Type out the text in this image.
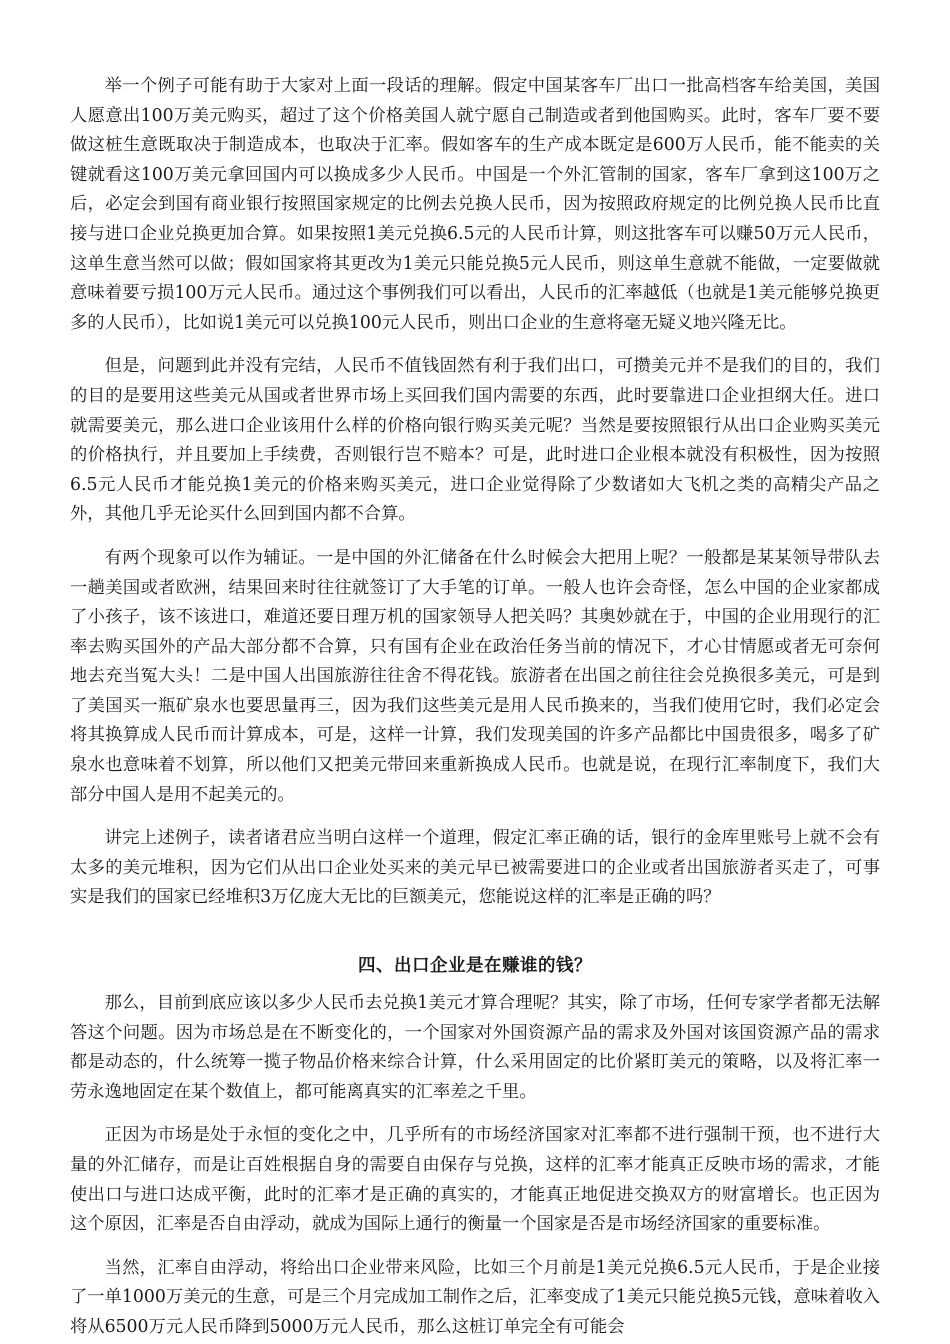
举一个例子可能有助于大家对上面一段话的理解。假定中国某客车厂出口一批高档客车给美国，美国人愿意出100万美元购买，超过了这个价格美国人就宁愿自己制造或者到他国购买。此时，客车厂要不要做这桩生意既取决于制造成本，也取决于汇率。假如客车的生产成本既定是600万人民币，能不能卖的关键就看这100万美元拿回国内可以换成多少人民币。中国是一个外汇管制的国家，客车厂拿到这100万之后，必定会到国有商业银行按照国家规定的比例去兑换人民币，因为按照政府规定的比例兑换人民币比直接与进口企业兑换更加合算。如果按照1美元兑换6.5元的人民币计算，则这批客车可以赚50万元人民币，这单生意当然可以做；假如国家将其更改为1美元只能兑换5元人民币，则这单生意就不能做，一定要做就意味着要亏损100万元人民币。通过这个事例我们可以看出，人民币的汇率越低（也就是1美元能够兑换更多的人民币），比如说1美元可以兑换100元人民币，则出口企业的生意将毫无疑义地兴隆无比。

但是，问题到此并没有完结，人民币不值钱固然有利于我们出口，可攒美元并不是我们的目的，我们的目的是要用这些美元从国或者世界市场上买回我们国内需要的东西，此时要靠进口企业担纲大任。进口就需要美元，那么进口企业该用什么样的价格向银行购买美元呢？当然是要按照银行从出口企业购买美元的价格执行，并且要加上手续费，否则银行岂不赔本？可是，此时进口企业根本就没有积极性，因为按照6.5元人民币才能兑换1美元的价格来购买美元，进口企业觉得除了少数诸如大飞机之类的高精尖产品之外，其他几乎无论买什么回到国内都不合算。

有两个现象可以作为辅证。一是中国的外汇储备在什么时候会大把用上呢？一般都是某某领导带队去一趟美国或者欧洲，结果回来时往往就签订了大手笔的订单。一般人也许会奇怪，怎么中国的企业家都成了小孩子，该不该进口，难道还要日理万机的国家领导人把关吗？其奥妙就在于，中国的企业用现行的汇率去购买国外的产品大部分都不合算，只有国有企业在政治任务当前的情况下，才心甘情愿或者无可奈何地去充当冤大头！二是中国人出国旅游往往舍不得花钱。旅游者在出国之前往往会兑换很多美元，可是到了美国买一瓶矿泉水也要思量再三，因为我们这些美元是用人民币换来的，当我们使用它时，我们必定会将其换算成人民币而计算成本，可是，这样一计算，我们发现美国的许多产品都比中国贵很多，喝多了矿泉水也意味着不划算，所以他们又把美元带回来重新换成人民币。也就是说，在现行汇率制度下，我们大部分中国人是用不起美元的。

讲完上述例子，读者诸君应当明白这样一个道理，假定汇率正确的话，银行的金库里账号上就不会有太多的美元堆积，因为它们从出口企业处买来的美元早已被需要进口的企业或者出国旅游者买走了，可事实是我们的国家已经堆积3万亿庞大无比的巨额美元，您能说这样的汇率是正确的吗？

四、出口企业是在赚谁的钱？

那么，目前到底应该以多少人民币去兑换1美元才算合理呢？其实，除了市场，任何专家学者都无法解答这个问题。因为市场总是在不断变化的，一个国家对外国资源产品的需求及外国对该国资源产品的需求都是动态的，什么统筹一揽子物品价格来综合计算，什么采用固定的比价紧盯美元的策略，以及将汇率一劳永逸地固定在某个数值上，都可能离真实的汇率差之千里。

正因为市场是处于永恒的变化之中，几乎所有的市场经济国家对汇率都不进行强制干预，也不进行大量的外汇储存，而是让百姓根据自身的需要自由保存与兑换，这样的汇率才能真正反映市场的需求，才能使出口与进口达成平衡，此时的汇率才是正确的真实的，才能真正地促进交换双方的财富增长。也正因为这个原因，汇率是否自由浮动，就成为国际上通行的衡量一个国家是否是市场经济国家的重要标准。

当然，汇率自由浮动，将给出口企业带来风险，比如三个月前是1美元兑换6.5元人民币，于是企业接了一单1000万美元的生意，可是三个月完成加工制作之后，汇率变成了1美元只能兑换5元钱，意味着收入将从6500万元人民币降到5000万元人民币，那么这桩订单完全有可能会
